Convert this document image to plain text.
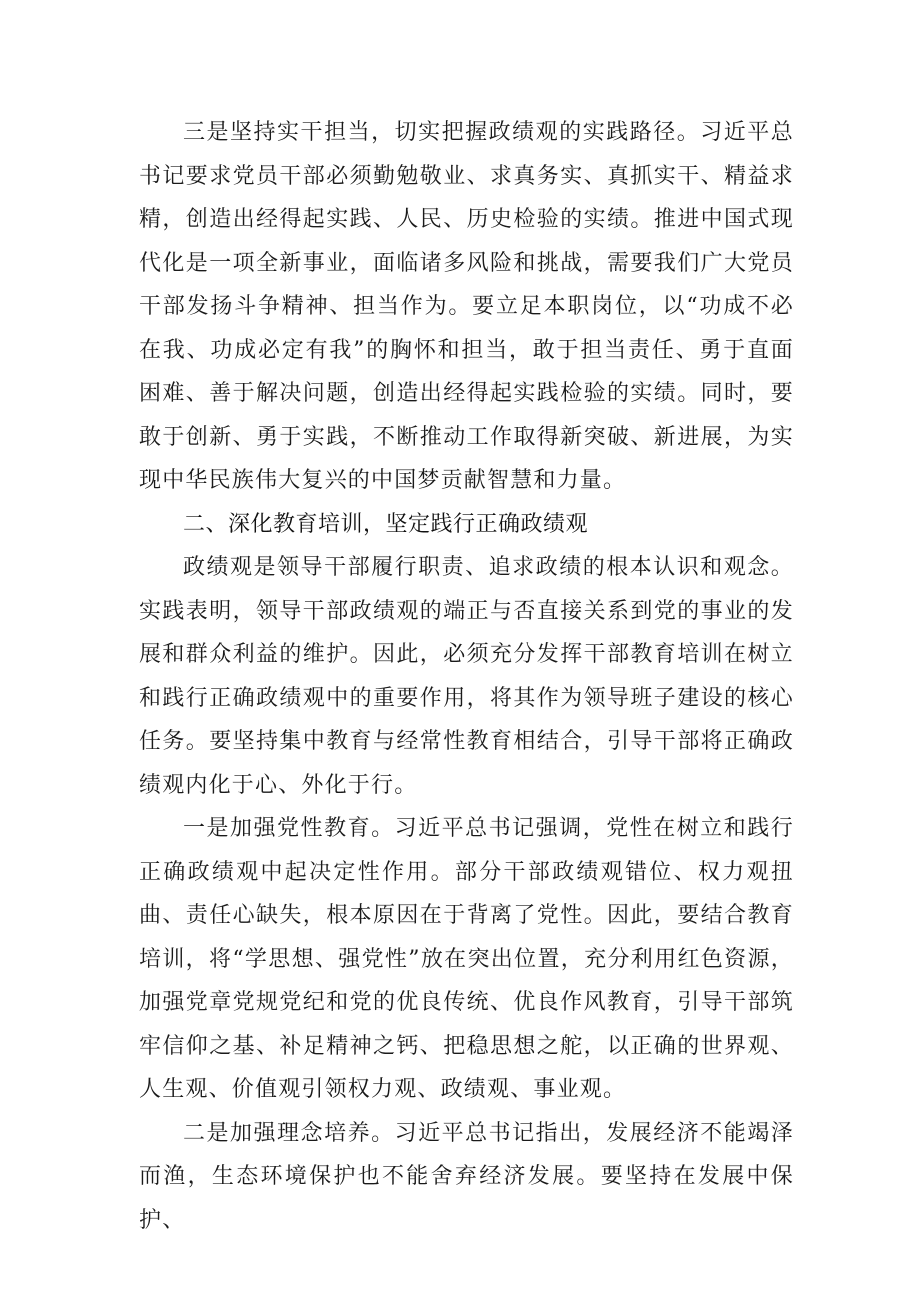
三是坚持实干担当，切实把握政绩观的实践路径。习近平总书记要求党员干部必须勤勉敬业、求真务实、真抓实干、精益求精，创造出经得起实践、人民、历史检验的实绩。推进中国式现代化是一项全新事业，面临诸多风险和挑战，需要我们广大党员干部发扬斗争精神、担当作为。要立足本职岗位，以“功成不必在我、功成必定有我”的胸怀和担当，敢于担当责任、勇于直面困难、善于解决问题，创造出经得起实践检验的实绩。同时，要敢于创新、勇于实践，不断推动工作取得新突破、新进展，为实现中华民族伟大复兴的中国梦贡献智慧和力量。

二、深化教育培训，坚定践行正确政绩观

政绩观是领导干部履行职责、追求政绩的根本认识和观念。实践表明，领导干部政绩观的端正与否直接关系到党的事业的发展和群众利益的维护。因此，必须充分发挥干部教育培训在树立和践行正确政绩观中的重要作用，将其作为领导班子建设的核心任务。要坚持集中教育与经常性教育相结合，引导干部将正确政绩观内化于心、外化于行。

一是加强党性教育。习近平总书记强调，党性在树立和践行正确政绩观中起决定性作用。部分干部政绩观错位、权力观扭曲、责任心缺失，根本原因在于背离了党性。因此，要结合教育培训，将“学思想、强党性”放在突出位置，充分利用红色资源，加强党章党规党纪和党的优良传统、优良作风教育，引导干部筑牢信仰之基、补足精神之钙、把稳思想之舵，以正确的世界观、人生观、价值观引领权力观、政绩观、事业观。

二是加强理念培养。习近平总书记指出，发展经济不能竭泽而渔，生态环境保护也不能舍弃经济发展。要坚持在发展中保护、
